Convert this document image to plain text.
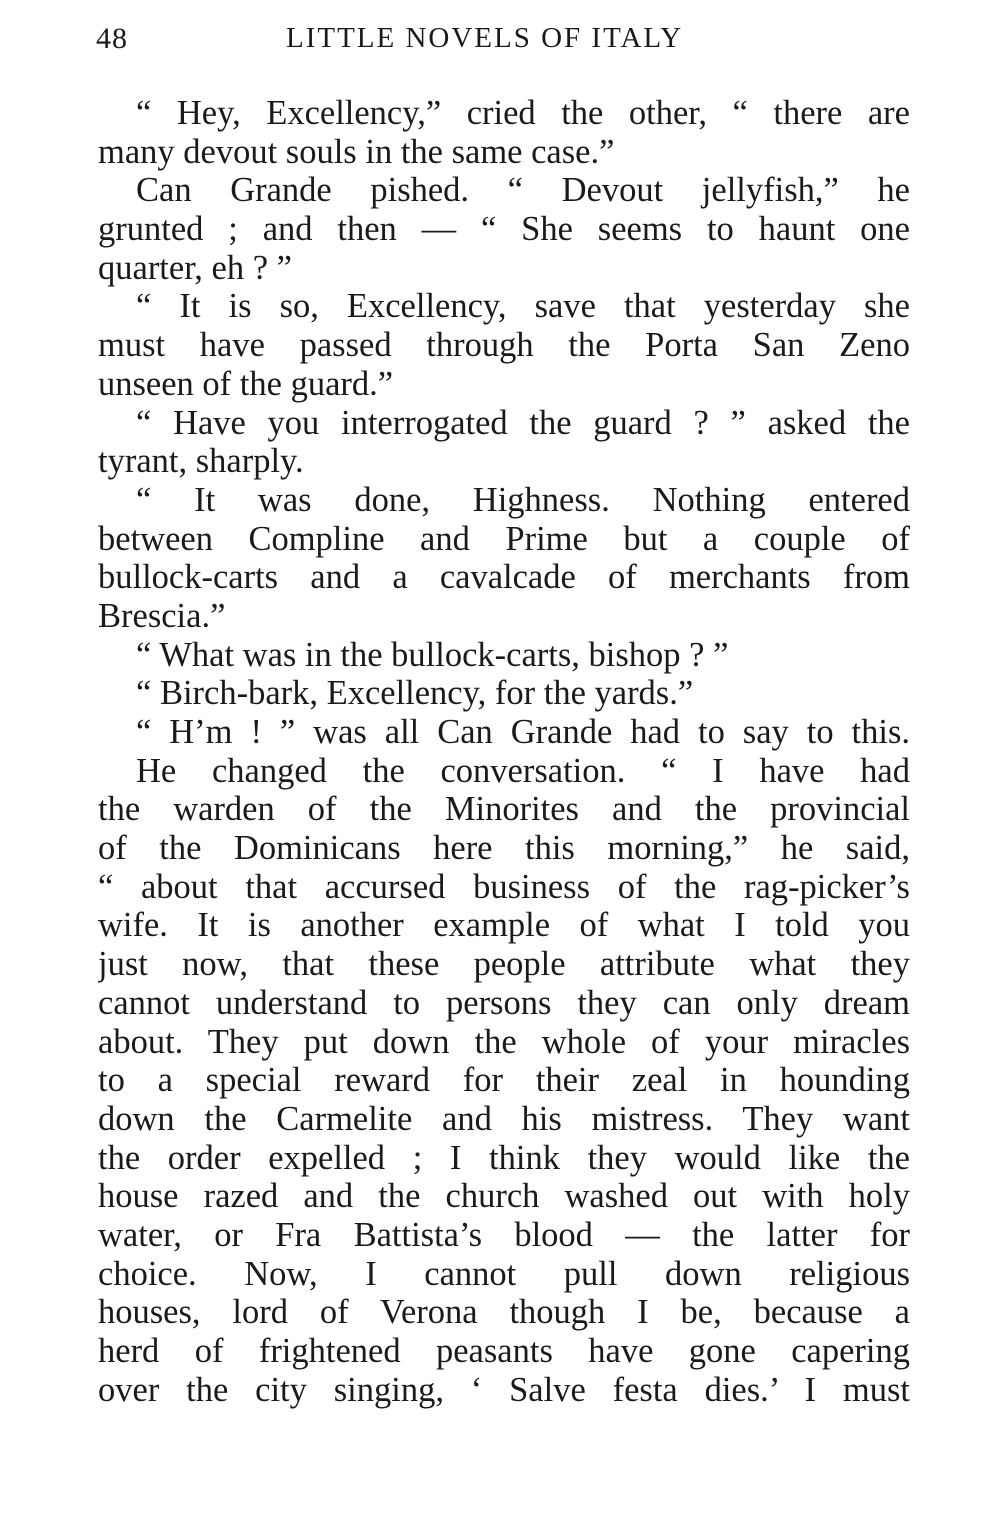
48	LITTLE NOVELS OF ITALY
“ Hey, Excellency,” cried the other, “ there are
many devout souls in the same case.”
Can Grande pished. “ Devout jellyfish,” he
grunted ; and then — “ She seems to haunt one
quarter, eh ? ”
“ It is so, Excellency, save that yesterday she
must have passed through the Porta San Zeno
unseen of the guard.”
“ Have you interrogated the guard ? ” asked the
tyrant, sharply.
“ It was done, Highness. Nothing entered
between Compline and Prime but a couple of
bullock-carts and a cavalcade of merchants from
Brescia.”
“ What was in the bullock-carts, bishop ? ”
“ Birch-bark, Excellency, for the yards.”
“ H’m ! ” was all Can Grande had to say to this.
He changed the conversation. “ I have had
the warden of the Minorites and the provincial
of the Dominicans here this morning,” he said,
“ about that accursed business of the rag-picker’s
wife. It is another example of what I told you
just now, that these people attribute what they
cannot understand to persons they can only dream
about. They put down the whole of your miracles
to a special reward for their zeal in hounding
down the Carmelite and his mistress. They want
the order expelled ; I think they would like the
house razed and the church washed out with holy
water, or Fra Battista’s blood — the latter for
choice. Now, I cannot pull down religious
houses, lord of Verona though I be, because a
herd of frightened peasants have gone capering
over the city singing, ‘ Salve festa dies.’ I must
